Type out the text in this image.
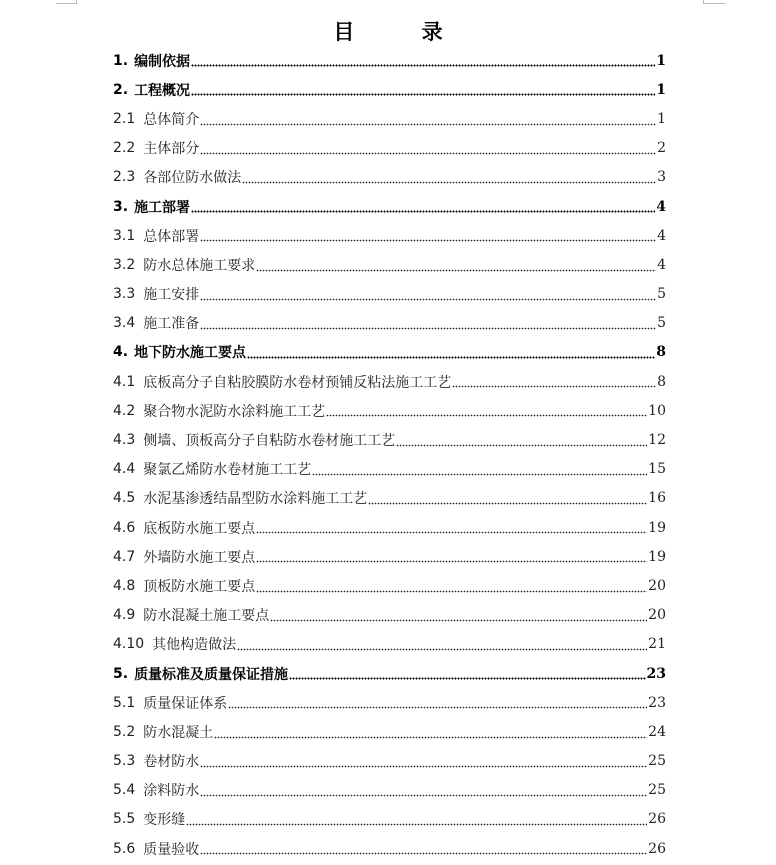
目 录
1. 编制依据	1
2. 工程概况	1
2.1 总体简介	1
2.2 主体部分	2
2.3 各部位防水做法	3
3. 施工部署	4
3.1 总体部署	4
3.2 防水总体施工要求	4
3.3 施工安排	5
3.4 施工准备	5
4. 地下防水施工要点	8
4.1 底板高分子自粘胶膜防水卷材预铺反粘法施工工艺	8
4.2 聚合物水泥防水涂料施工工艺	10
4.3 侧墙、顶板高分子自粘防水卷材施工工艺	12
4.4 聚氯乙烯防水卷材施工工艺	15
4.5 水泥基渗透结晶型防水涂料施工工艺	16
4.6 底板防水施工要点	19
4.7 外墙防水施工要点	19
4.8 顶板防水施工要点	20
4.9 防水混凝土施工要点	20
4.10 其他构造做法	21
5. 质量标准及质量保证措施	23
5.1 质量保证体系	23
5.2 防水混凝土	24
5.3 卷材防水	25
5.4 涂料防水	25
5.5 变形缝	26
5.6 质量验收	26
